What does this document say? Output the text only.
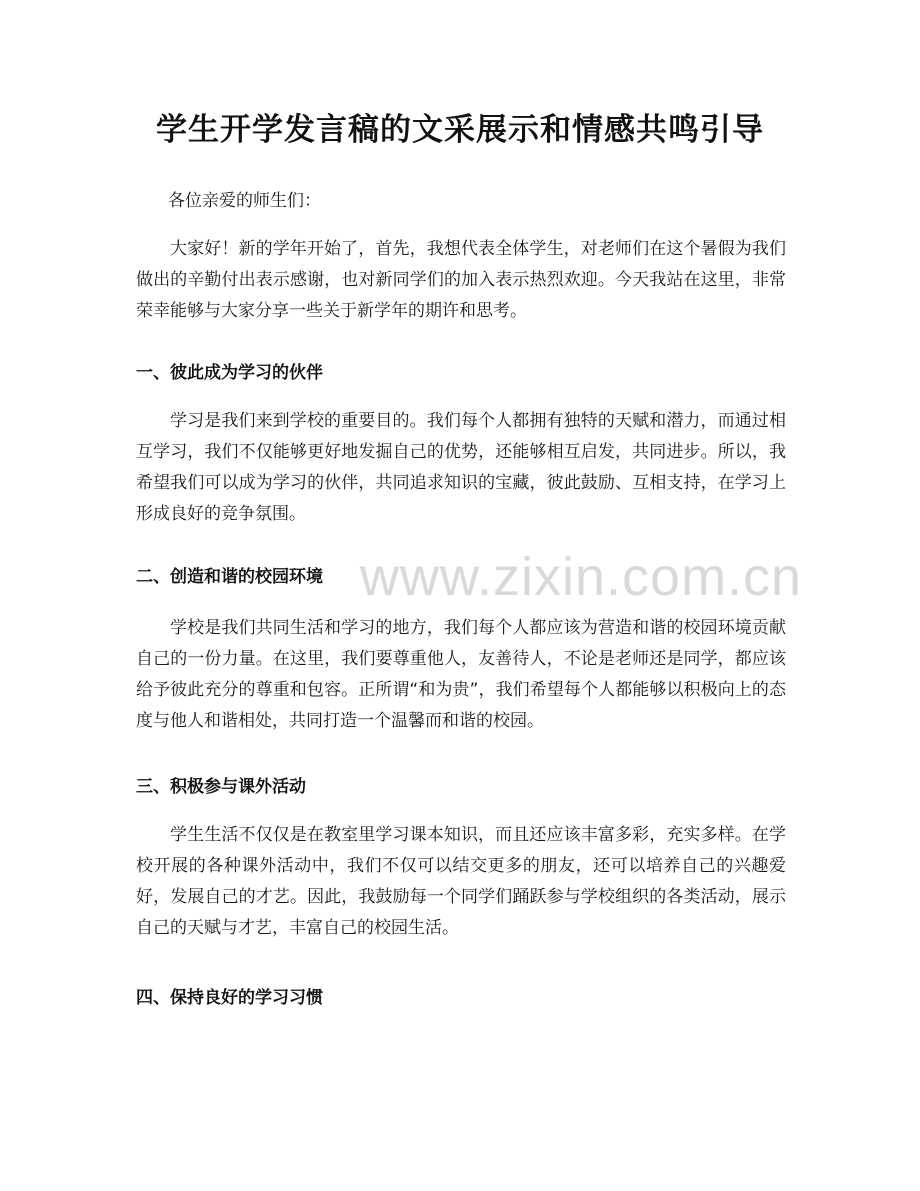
学生开学发言稿的文采展示和情感共鸣引导
各位亲爱的师生们：

大家好！新的学年开始了，首先，我想代表全体学生，对老师们在这个暑假为我们做出的辛勤付出表示感谢，也对新同学们的加入表示热烈欢迎。今天我站在这里，非常荣幸能够与大家分享一些关于新学年的期许和思考。

一、彼此成为学习的伙伴

学习是我们来到学校的重要目的。我们每个人都拥有独特的天赋和潜力，而通过相互学习，我们不仅能够更好地发掘自己的优势，还能够相互启发，共同进步。所以，我希望我们可以成为学习的伙伴，共同追求知识的宝藏，彼此鼓励、互相支持，在学习上形成良好的竞争氛围。

二、创造和谐的校园环境

学校是我们共同生活和学习的地方，我们每个人都应该为营造和谐的校园环境贡献自己的一份力量。在这里，我们要尊重他人，友善待人，不论是老师还是同学，都应该给予彼此充分的尊重和包容。正所谓“和为贵”，我们希望每个人都能够以积极向上的态度与他人和谐相处，共同打造一个温馨而和谐的校园。

三、积极参与课外活动

学生生活不仅仅是在教室里学习课本知识，而且还应该丰富多彩，充实多样。在学校开展的各种课外活动中，我们不仅可以结交更多的朋友，还可以培养自己的兴趣爱好，发展自己的才艺。因此，我鼓励每一个同学们踊跃参与学校组织的各类活动，展示自己的天赋与才艺，丰富自己的校园生活。

四、保持良好的学习习惯
www.zixin.com.cn
